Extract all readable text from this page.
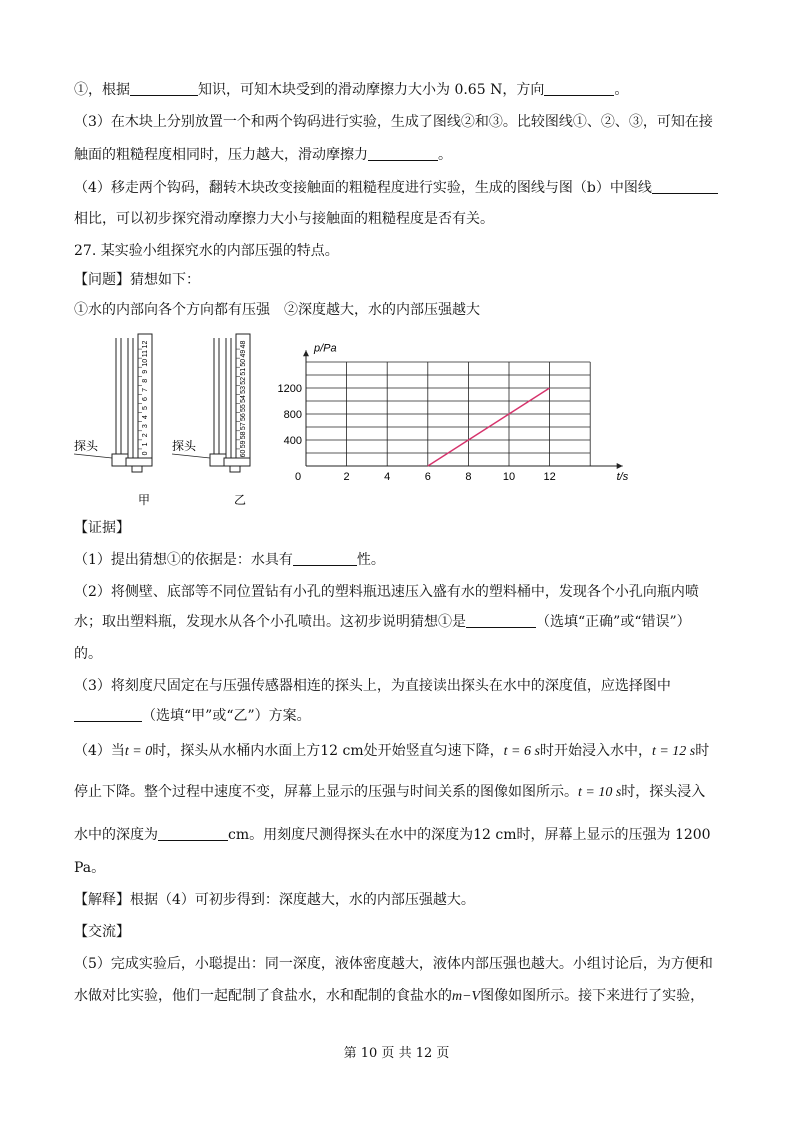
①，根据	知识，可知木块受到的滑动摩擦力大小为 0.65 N，方向	。
（3）在木块上分别放置一个和两个钩码进行实验，生成了图线②和③。比较图线①、②、③，可知在接
触面的粗糙程度相同时，压力越大，滑动摩擦力	。
（4）移走两个钩码，翻转木块改变接触面的粗糙程度进行实验，生成的图线与图（b）中图线
相比，可以初步探究滑动摩擦力大小与接触面的粗糙程度是否有关。
27. 某实验小组探究水的内部压强的特点。
【问题】猜想如下：
①水的内部向各个方向都有压强　②深度越大，水的内部压强越大
0
1
2
3
4
5
6
7
8
9
10
11
12
探头
甲
60
59
58
57
56
55
54
53
52
51
50
49
48
探头
乙
p/Pa
t/s
0	2	4	6	8	10	12
400
800
1200
【证据】
（1）提出猜想①的依据是：水具有	性。
（2）将侧壁、底部等不同位置钻有小孔的塑料瓶迅速压入盛有水的塑料桶中，发现各个小孔向瓶内喷
水；取出塑料瓶，发现水从各个小孔喷出。这初步说明猜想①是	（选填“正确”或“错误”）
的。
（3）将刻度尺固定在与压强传感器相连的探头上，为直接读出探头在水中的深度值，应选择图中
（选填“甲”或“乙”）方案。
（4）当t = 0时，探头从水桶内水面上方12 cm处开始竖直匀速下降，t = 6 s时开始浸入水中，t = 12 s时
停止下降。整个过程中速度不变，屏幕上显示的压强与时间关系的图像如图所示。t = 10 s时，探头浸入
水中的深度为	cm。用刻度尺测得探头在水中的深度为12 cm时，屏幕上显示的压强为 1200
Pa。
【解释】根据（4）可初步得到：深度越大，水的内部压强越大。
【交流】
（5）完成实验后，小聪提出：同一深度，液体密度越大，液体内部压强也越大。小组讨论后，为方便和
水做对比实验，他们一起配制了食盐水，水和配制的食盐水的m−V图像如图所示。接下来进行了实验，
第 10 页 共 12 页
